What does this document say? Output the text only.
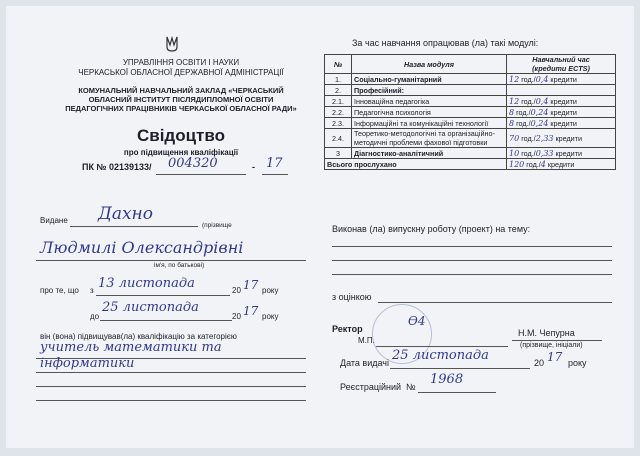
УПРАВЛІННЯ ОСВІТИ І НАУКИ
ЧЕРКАСЬКОЇ ОБЛАСНОЇ ДЕРЖАВНОЇ АДМІНІСТРАЦІЇ
КОМУНАЛЬНИЙ НАВЧАЛЬНИЙ ЗАКЛАД «ЧЕРКАСЬКИЙ
ОБЛАСНИЙ ІНСТИТУТ ПІСЛЯДИПЛОМНОЇ ОСВІТИ
ПЕДАГОГІЧНИХ ПРАЦІВНИКІВ ЧЕРКАСЬКОЇ ОБЛАСНОЇ РАДИ»
Свідоцтво
про підвищення кваліфікації
ПК № 02139133/ 004320	- 17
Видане Дахно
(прізвище
Людмилі Олександрівні
ім'я, по батькові)
про те, що з 13 листопада	20 17 року
до
25 листопада
20 17 року
він (вона) підвищував(ла) кваліфікацію за категорією
учитель математики та
інформатики
За час навчання опрацював (ла) такі модулі:
№	Назва модуля	Навчальний час
(кредити ECTS)

1.	Соціально-гуманітарний	12 год./0,4 кредити
2.	Професійний:	
2.1.	Інноваційна педагогіка	12 год./0,4 кредити
2.2.	Педагогічна психологія	8 год./0,24 кредити
2.3.	Інформаційні та комунікаційні технології	8 год./0,24 кредити
2.4.	Теоретико-методологічні та організаційно-методичні проблеми фахової підготовки	70 год./2,33 кредити
3	Діагностико-аналітичний	10 год./0,33 кредити
Всього прослухано		120 год./4 кредити
Виконав (ла) випускну роботу (проект) на тему:
з оцінкою
Ѳ4
Ректор
М.П.
Н.М. Чепурна
(прізвище, ініціали)
Дата видачі 25 листопада	20 17 року
Реєстраційний № 1968
